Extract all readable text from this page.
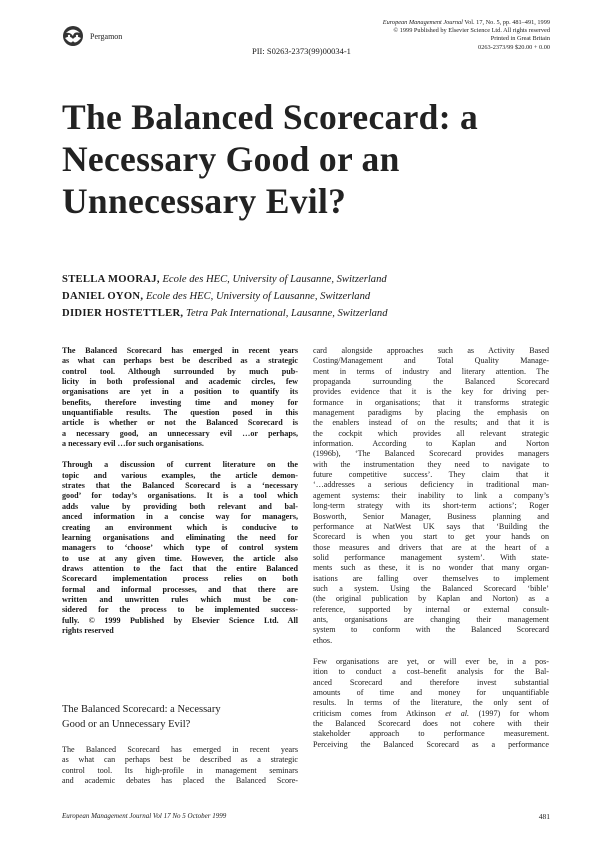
Pergamon
PII: S0263-2373(99)00034-1
European Management Journal Vol. 17, No. 5, pp. 481–491, 1999
© 1999 Published by Elsevier Science Ltd. All rights reserved
Printed in Great Britain
0263-2373/99 $20.00 + 0.00
The Balanced Scorecard: a
Necessary Good or an
Unnecessary Evil?
STELLA MOORAJ, Ecole des HEC, University of Lausanne, Switzerland
DANIEL OYON, Ecole des HEC, University of Lausanne, Switzerland
DIDIER HOSTETTLER, Tetra Pak International, Lausanne, Switzerland
The Balanced Scorecard has emerged in recent years
as what can perhaps best be described as a strategic
control tool. Although surrounded by much pub-
licity in both professional and academic circles, few
organisations are yet in a position to quantify its
benefits, therefore investing time and money for
unquantifiable results. The question posed in this
article is whether or not the Balanced Scorecard is
a necessary good, an unnecessary evil …or perhaps,
a necessary evil …for such organisations.
Through a discussion of current literature on the
topic and various examples, the article demon-
strates that the Balanced Scorecard is a ‘necessary
good’ for today’s organisations. It is a tool which
adds value by providing both relevant and bal-
anced information in a concise way for managers,
creating an environment which is conducive to
learning organisations and eliminating the need for
managers to ‘choose’ which type of control system
to use at any given time. However, the article also
draws attention to the fact that the entire Balanced
Scorecard implementation process relies on both
formal and informal processes, and that there are
written and unwritten rules which must be con-
sidered for the process to be implemented success-
fully. © 1999 Published by Elsevier Science Ltd. All
rights reserved
The Balanced Scorecard: a Necessary
Good or an Unnecessary Evil?
The Balanced Scorecard has emerged in recent years
as what can perhaps best be described as a strategic
control tool. Its high-profile in management seminars
and academic debates has placed the Balanced Score-
card alongside approaches such as Activity Based
Costing/Management and Total Quality Manage-
ment in terms of industry and literary attention. The
propaganda surrounding the Balanced Scorecard
provides evidence that it is the key for driving per-
formance in organisations; that it transforms strategic
management paradigms by placing the emphasis on
the enablers instead of on the results; and that it is
the cockpit which provides all relevant strategic
information. According to Kaplan and Norton
(1996b), ‘The Balanced Scorecard provides managers
with the instrumentation they need to navigate to
future competitive success’. They claim that it
‘…addresses a serious deficiency in traditional man-
agement systems: their inability to link a company’s
long-term strategy with its short-term actions’; Roger
Bosworth, Senior Manager, Business planning and
performance at NatWest UK says that ‘Building the
Scorecard is when you start to get your hands on
those measures and drivers that are at the heart of a
solid performance management system’. With state-
ments such as these, it is no wonder that many organ-
isations are falling over themselves to implement
such a system. Using the Balanced Scorecard ‘bible’
(the original publication by Kaplan and Norton) as a
reference, supported by internal or external consult-
ants, organisations are changing their management
system to conform with the Balanced Scorecard
ethos.
Few organisations are yet, or will ever be, in a pos-
ition to conduct a cost–benefit analysis for the Bal-
anced Scorecard and therefore invest substantial
amounts of time and money for unquantifiable
results. In terms of the literature, the only sent of
criticism comes from Atkinson et al. (1997) for whom
the Balanced Scorecard does not cohere with their
stakeholder approach to performance measurement.
Perceiving the Balanced Scorecard as a performance
European Management Journal Vol 17 No 5 October 1999	481
